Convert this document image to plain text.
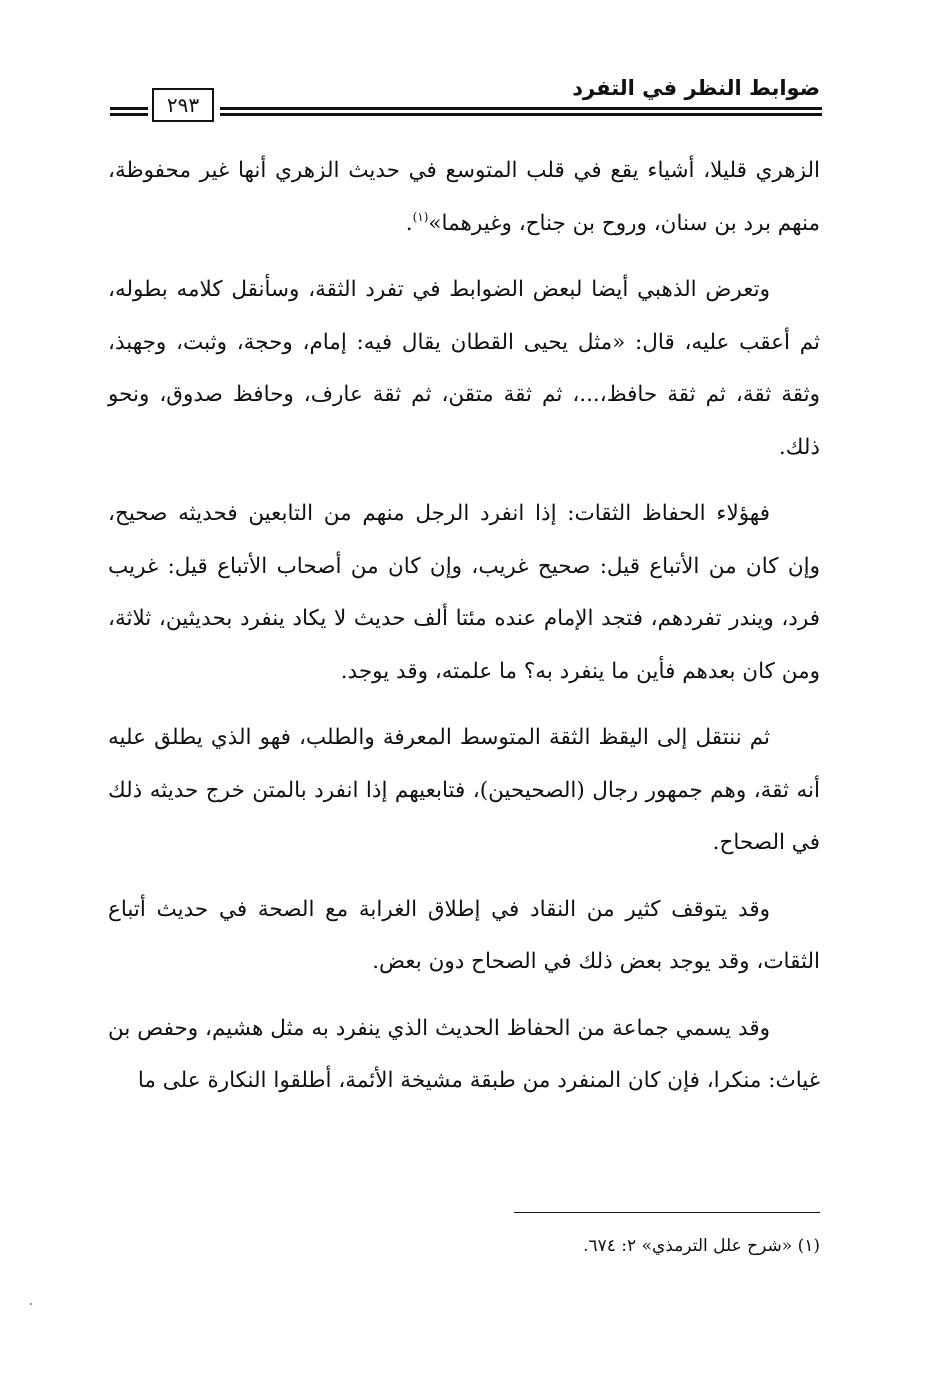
ضوابط النظر في التفرد
٢٩٣

الزهري قليلا، أشياء يقع في قلب المتوسع في حديث الزهري أنها غير محفوظة، منهم برد بن سنان، وروح بن جناح، وغيرهما»$^{(١)}$.

وتعرض الذهبي أيضا لبعض الضوابط في تفرد الثقة، وسأنقل كلامه بطوله، ثم أعقب عليه، قال: «مثل يحيى القطان يقال فيه: إمام، وحجة، وثبت، وجهبذ، وثقة ثقة، ثم ثقة حافظ،...، ثم ثقة متقن، ثم ثقة عارف، وحافظ صدوق، ونحو ذلك.

فهؤلاء الحفاظ الثقات: إذا انفرد الرجل منهم من التابعين فحديثه صحيح، وإن كان من الأتباع قيل: صحيح غريب، وإن كان من أصحاب الأتباع قيل: غريب فرد، ويندر تفردهم، فتجد الإمام عنده مئتا ألف حديث لا يكاد ينفرد بحديثين، ثلاثة، ومن كان بعدهم فأين ما ينفرد به؟ ما علمته، وقد يوجد.

ثم ننتقل إلى اليقظ الثقة المتوسط المعرفة والطلب، فهو الذي يطلق عليه أنه ثقة، وهم جمهور رجال (الصحيحين)، فتابعيهم إذا انفرد بالمتن خرج حديثه ذلك في الصحاح.

وقد يتوقف كثير من النقاد في إطلاق الغرابة مع الصحة في حديث أتباع الثقات، وقد يوجد بعض ذلك في الصحاح دون بعض.

وقد يسمي جماعة من الحفاظ الحديث الذي ينفرد به مثل هشيم، وحفص بن غياث: منكرا، فإن كان المنفرد من طبقة مشيخة الأئمة، أطلقوا النكارة على ما

(١) «شرح علل الترمذي» ٢: ٦٧٤.
